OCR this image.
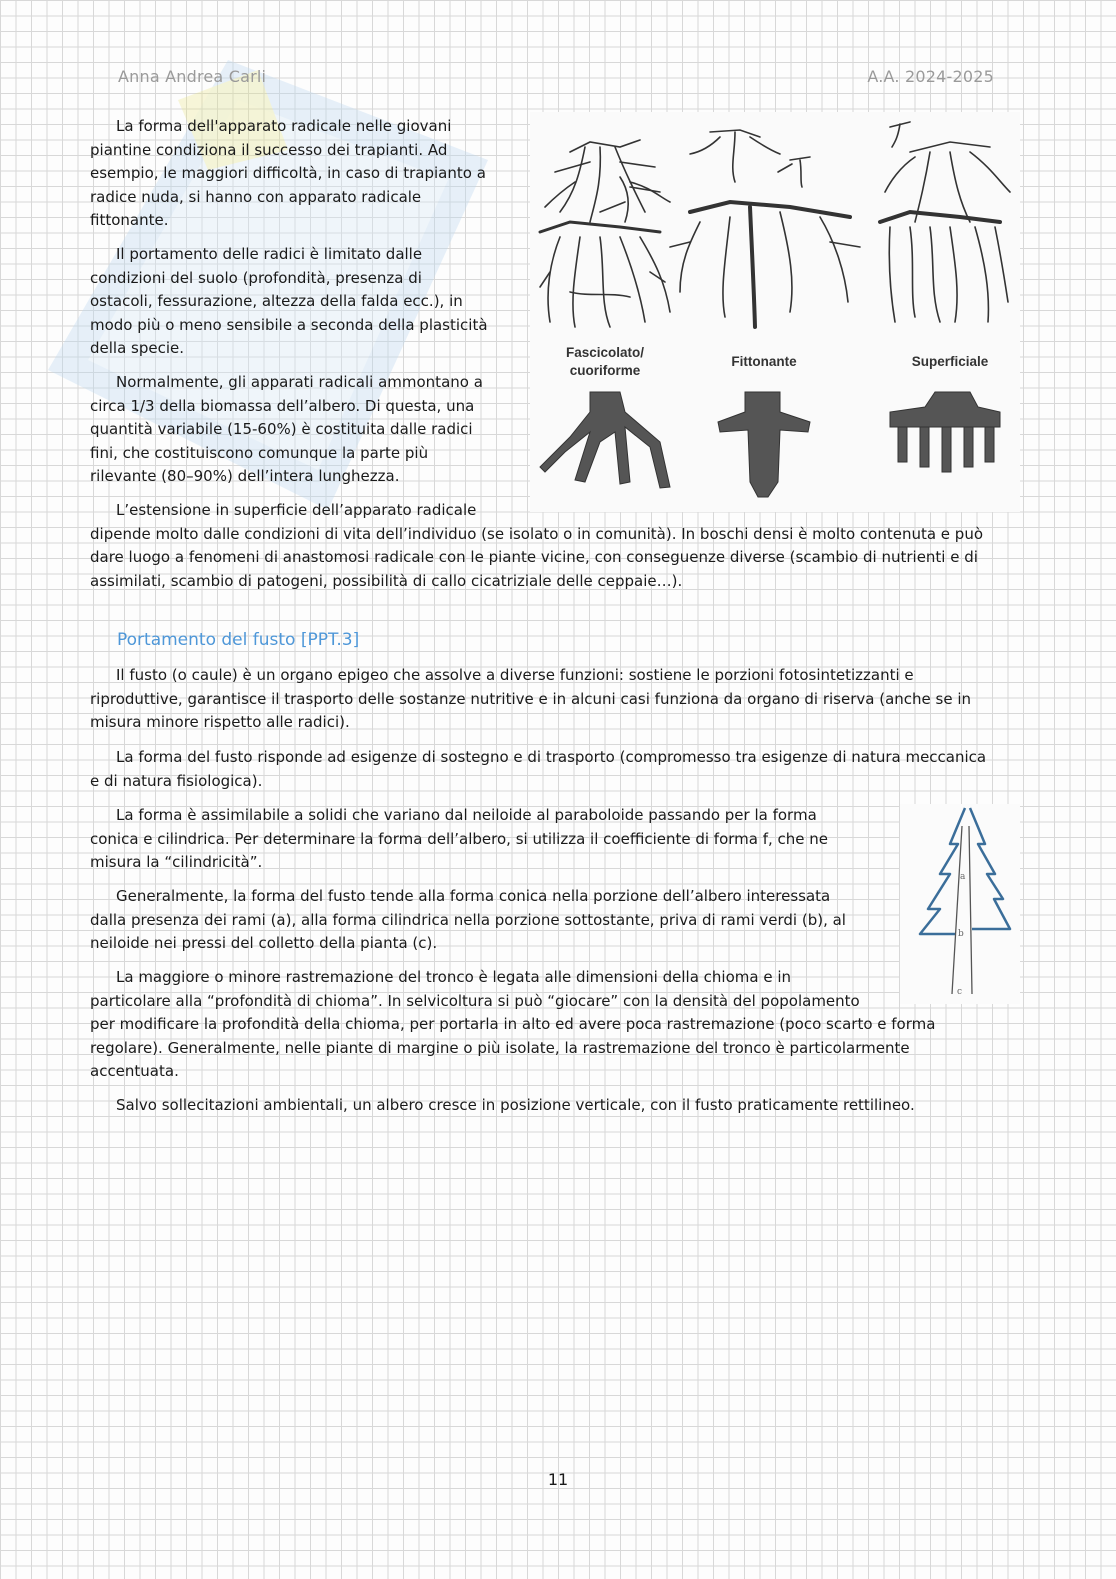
Anna Andrea Carli	A.A. 2024-2025
La forma dell'apparato radicale nelle giovani
piantine condiziona il successo dei trapianti. Ad
esempio, le maggiori difficoltà, in caso di trapianto a
radice nuda, si hanno con apparato radicale
fittonante.
Il portamento delle radici è limitato dalle
condizioni del suolo (profondità, presenza di
ostacoli, fessurazione, altezza della falda ecc.), in
modo più o meno sensibile a seconda della plasticità
della specie.
Normalmente, gli apparati radicali ammontano a
circa 1/3 della biomassa dell’albero. Di questa, una
quantità variabile (15-60%) è costituita dalle radici
fini, che costituiscono comunque la parte più
rilevante (80–90%) dell’intera lunghezza.
L’estensione in superficie dell’apparato radicale
dipende molto dalle condizioni di vita dell’individuo (se isolato o in comunità). In boschi densi è molto contenuta e può
dare luogo a fenomeni di anastomosi radicale con le piante vicine, con conseguenze diverse (scambio di nutrienti e di
assimilati, scambio di patogeni, possibilità di callo cicatriziale delle ceppaie…).
Portamento del fusto [PPT.3]
Il fusto (o caule) è un organo epigeo che assolve a diverse funzioni: sostiene le porzioni fotosintetizzanti e
riproduttive, garantisce il trasporto delle sostanze nutritive e in alcuni casi funziona da organo di riserva (anche se in
misura minore rispetto alle radici).
La forma del fusto risponde ad esigenze di sostegno e di trasporto (compromesso tra esigenze di natura meccanica
e di natura fisiologica).
La forma è assimilabile a solidi che variano dal neiloide al paraboloide passando per la forma
conica e cilindrica. Per determinare la forma dell’albero, si utilizza il coefficiente di forma f, che ne
misura la “cilindricità”.
Generalmente, la forma del fusto tende alla forma conica nella porzione dell’albero interessata
dalla presenza dei rami (a), alla forma cilindrica nella porzione sottostante, priva di rami verdi (b), al
neiloide nei pressi del colletto della pianta (c).
La maggiore o minore rastremazione del tronco è legata alle dimensioni della chioma e in
particolare alla “profondità di chioma”. In selvicoltura si può “giocare” con la densità del popolamento
per modificare la profondità della chioma, per portarla in alto ed avere poca rastremazione (poco scarto e forma
regolare). Generalmente, nelle piante di margine o più isolate, la rastremazione del tronco è particolarmente
accentuata.
Salvo sollecitazioni ambientali, un albero cresce in posizione verticale, con il fusto praticamente rettilineo.
Fascicolato/
cuoriforme
Fittonante	Superficiale
a
b
c
11
